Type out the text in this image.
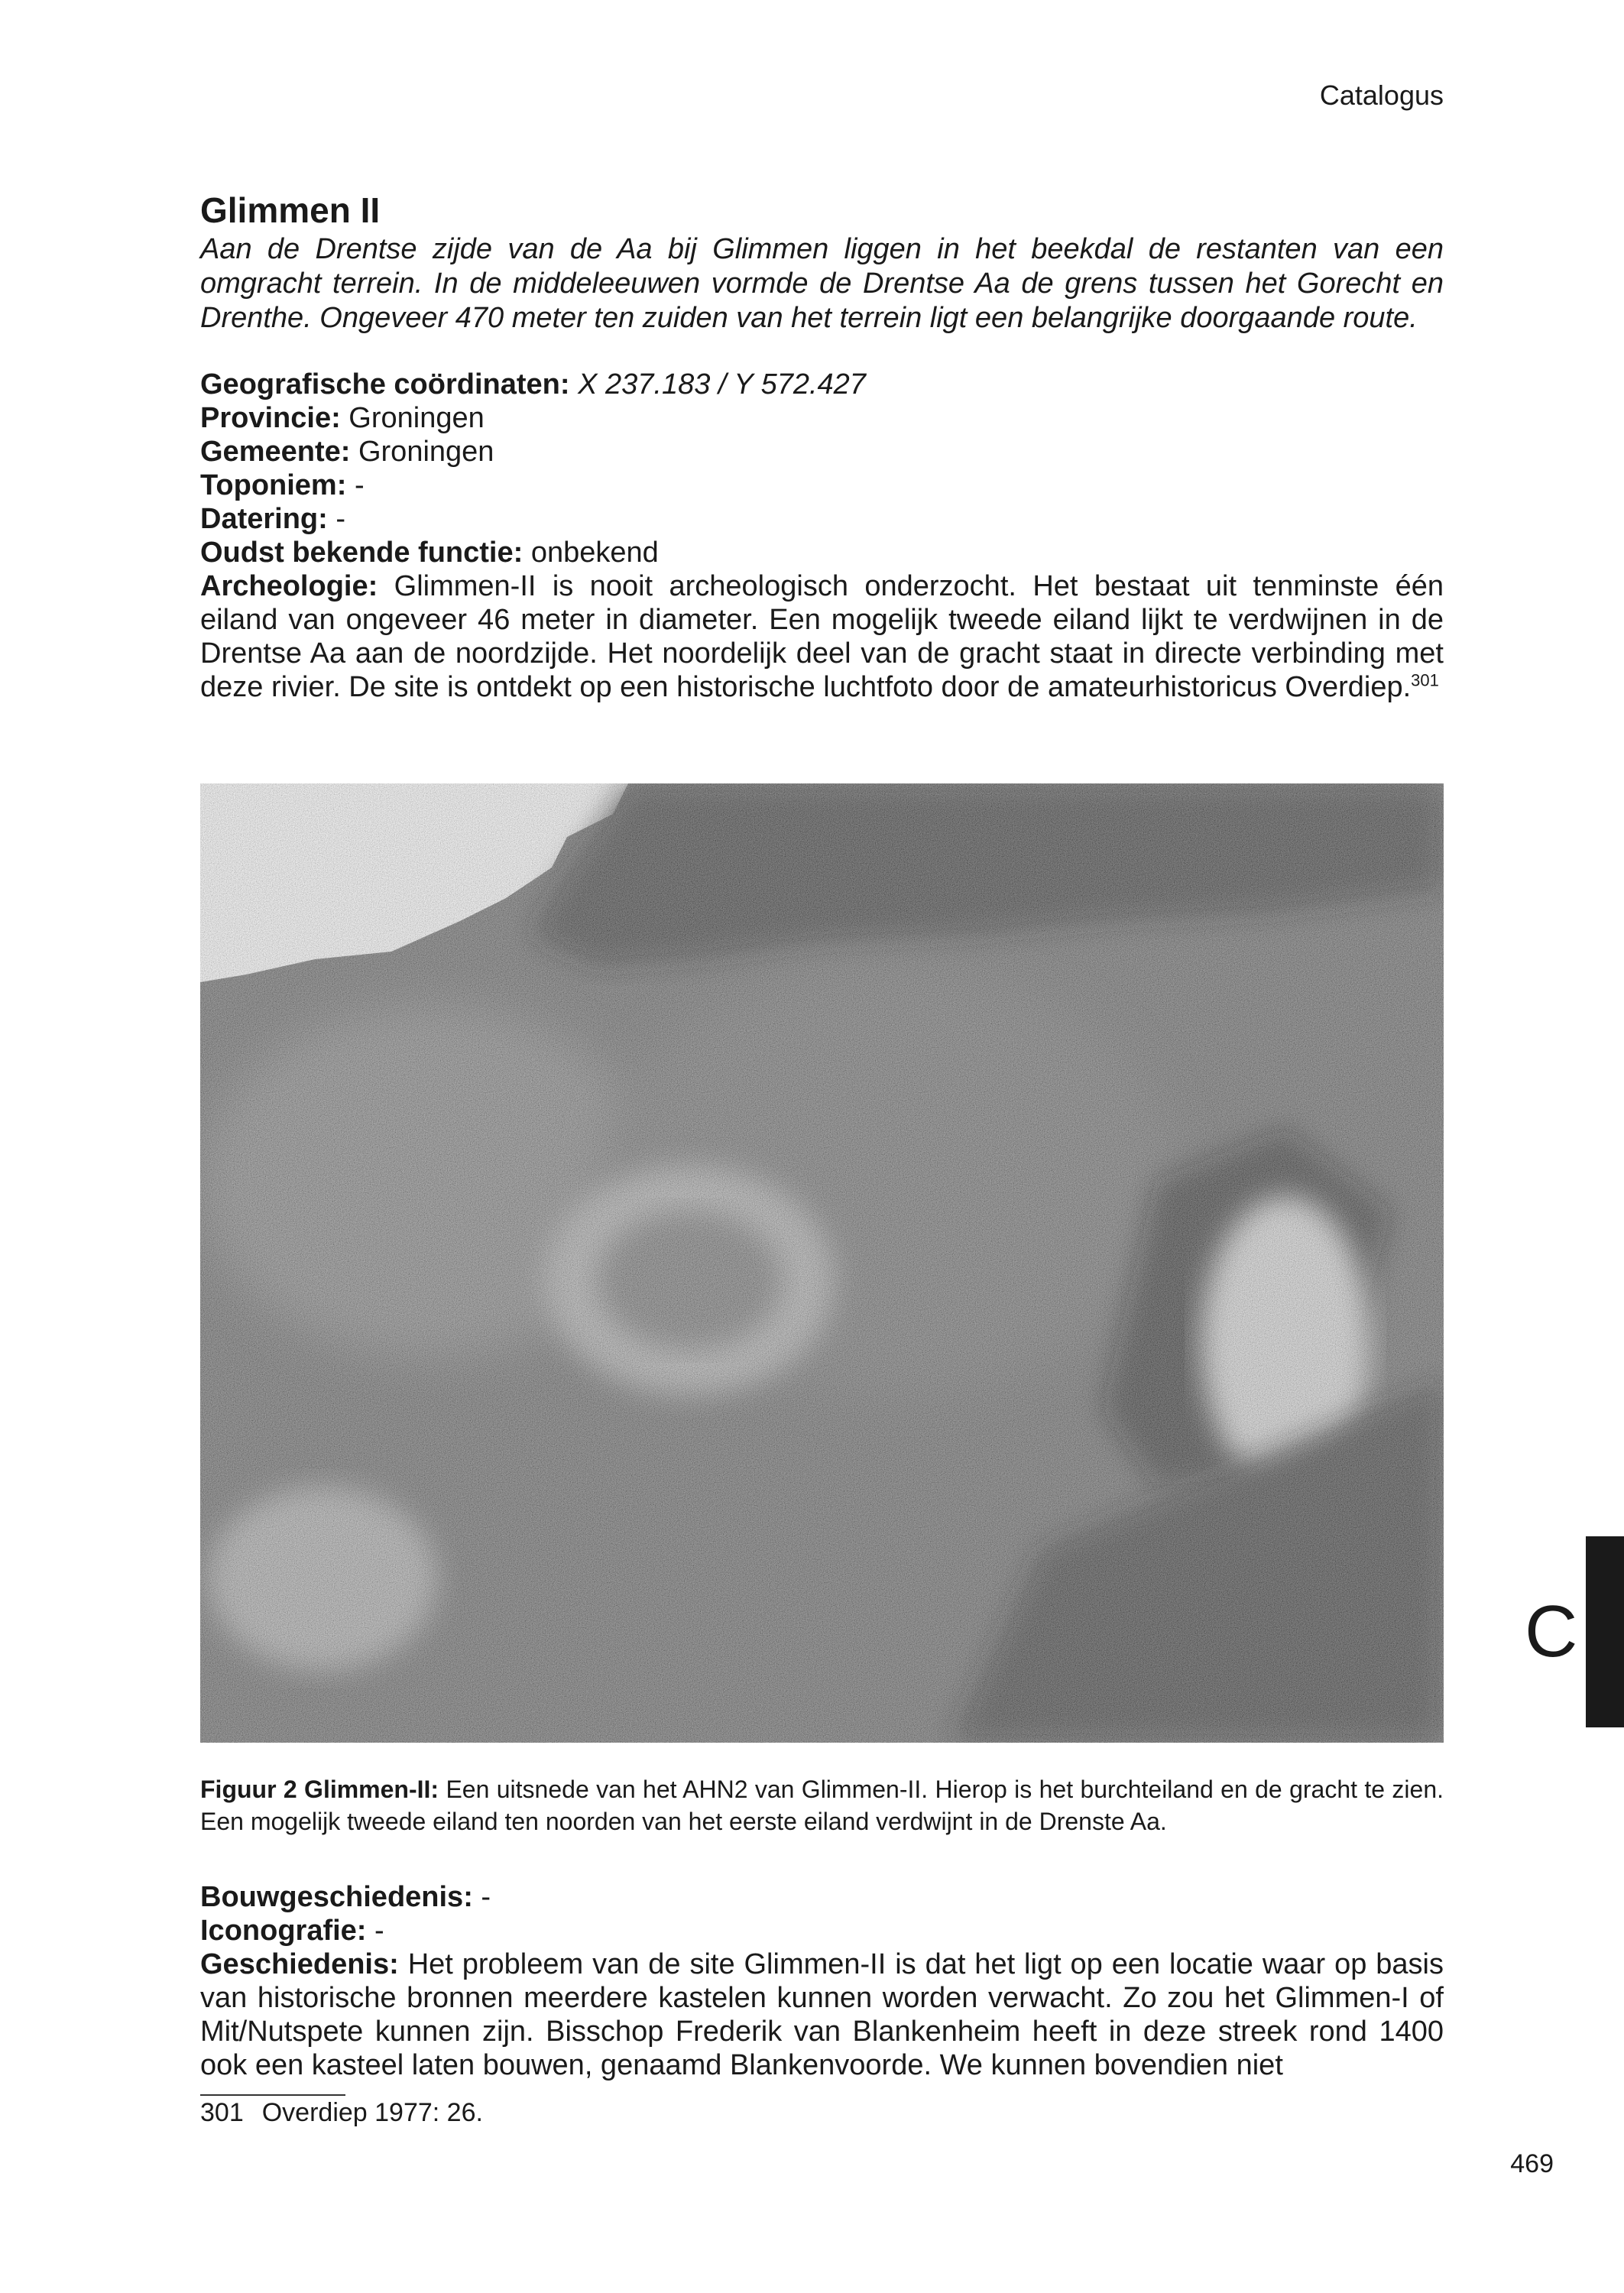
Catalogus
Glimmen II

Aan de Drentse zijde van de Aa bij Glimmen liggen in het beekdal de restanten van een omgracht terrein. In de middeleeuwen vormde de Drentse Aa de grens tussen het Gorecht en Drenthe. Ongeveer 470 meter ten zuiden van het terrein ligt een belangrijke doorgaande route.

Geografische coördinaten: X 237.183 / Y 572.427
Provincie: Groningen
Gemeente: Groningen
Toponiem: -
Datering: -
Oudst bekende functie: onbekend

Archeologie: Glimmen-II is nooit archeologisch onderzocht. Het bestaat uit tenminste één eiland van ongeveer 46 meter in diameter. Een mogelijk tweede eiland lijkt te verdwijnen in de Drentse Aa aan de noordzijde. Het noordelijk deel van de gracht staat in directe verbinding met deze rivier. De site is ontdekt op een historische luchtfoto door de amateurhistoricus Overdiep.$^{301}$

Figuur 2 Glimmen-II: Een uitsnede van het AHN2 van Glimmen-II. Hierop is het burchteiland en de gracht te zien. Een mogelijk tweede eiland ten noorden van het eerste eiland verdwijnt in de Drenste Aa.
Bouwgeschiedenis: -
Iconografie: -

Geschiedenis: Het probleem van de site Glimmen-II is dat het ligt op een locatie waar op basis van historische bronnen meerdere kastelen kunnen worden verwacht. Zo zou het Glimmen-I of Mit/Nutspete kunnen zijn. Bisschop Frederik van Blankenheim heeft in deze streek rond 1400 ook een kasteel laten bouwen, genaamd Blankenvoorde. We kunnen bovendien niet

301 Overdiep 1977: 26.
469
C
